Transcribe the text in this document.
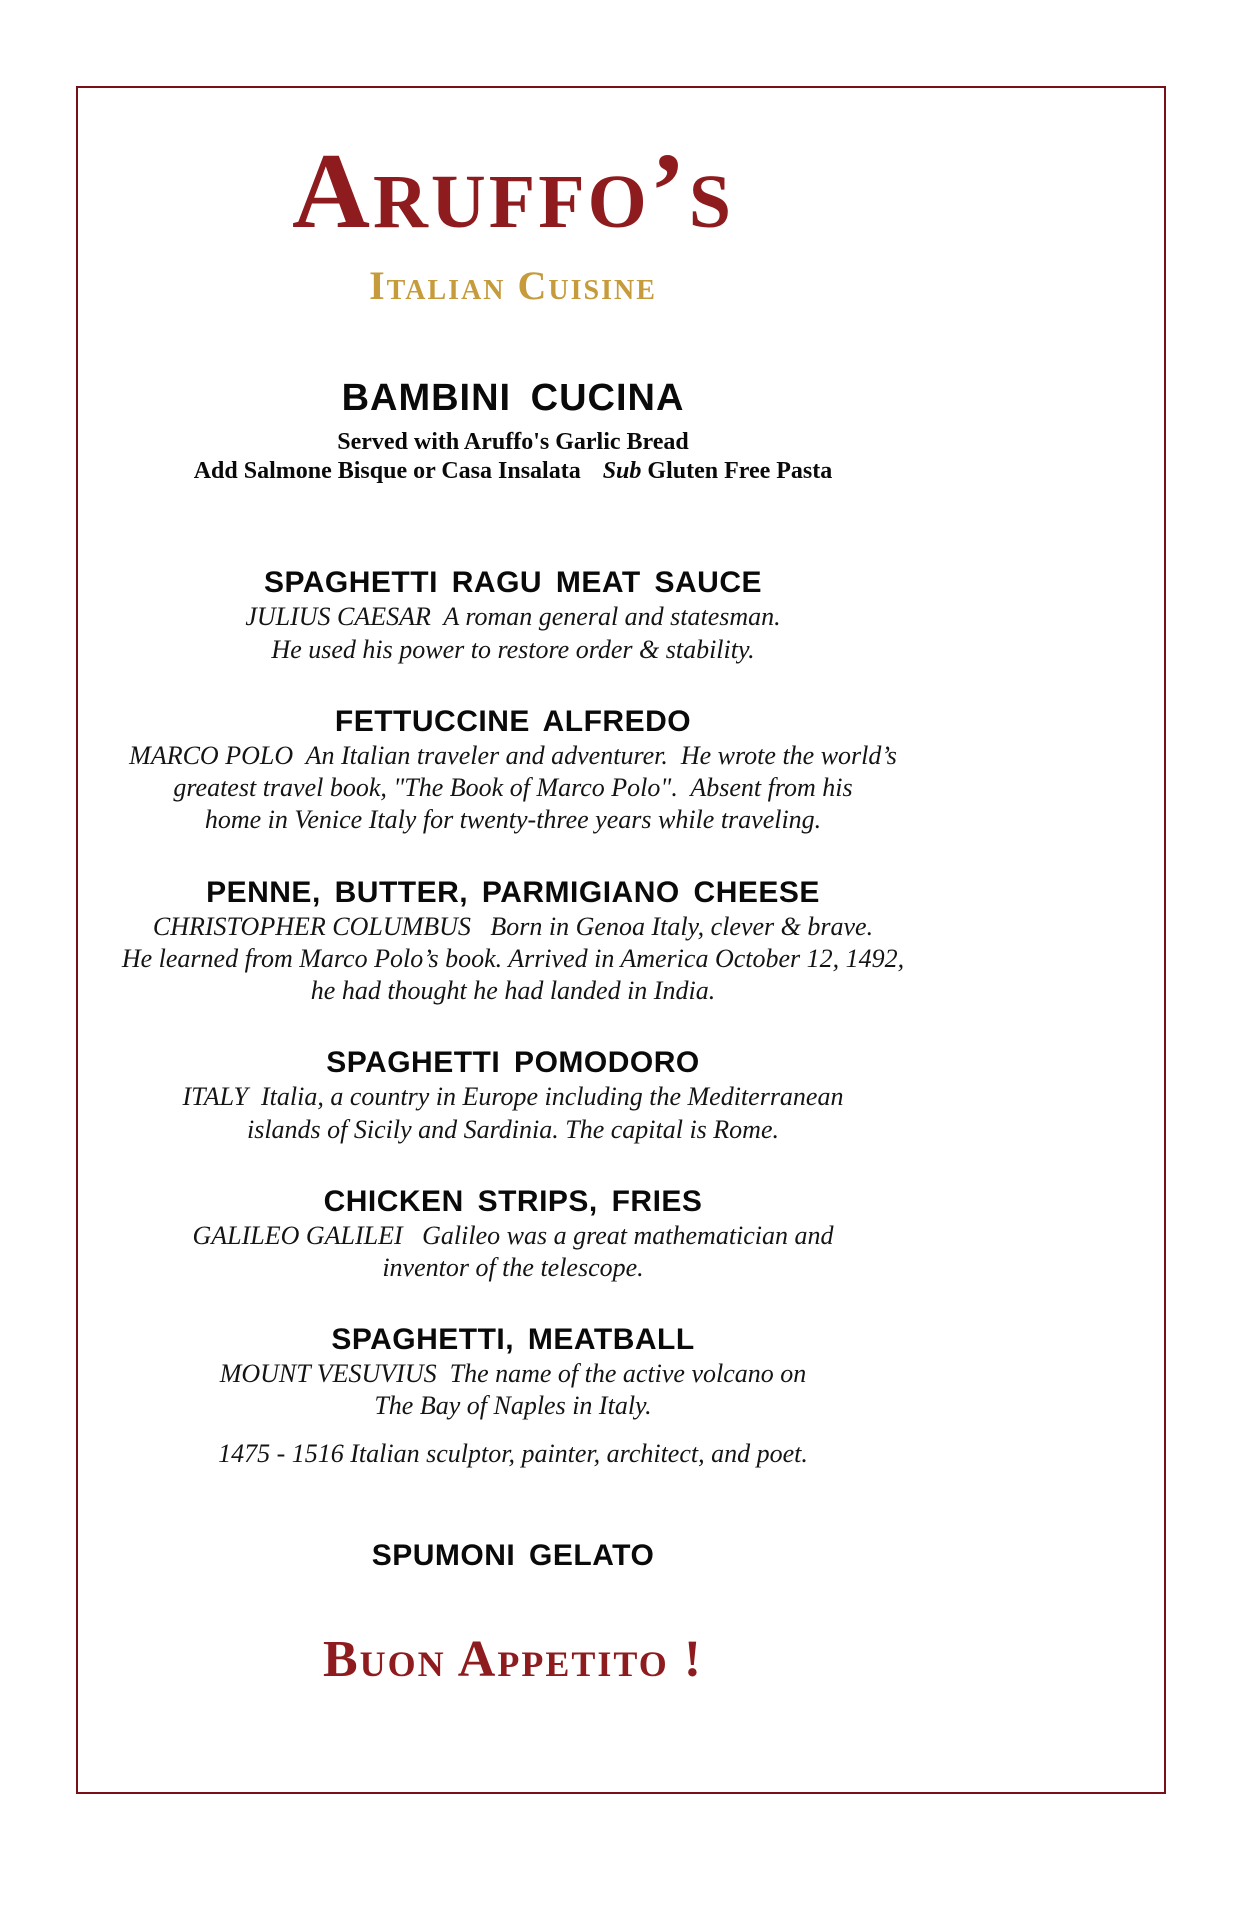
Aruffo’s
Italian Cuisine
BAMBINI CUCINA
Served with Aruffo's Garlic Bread
Add Salmone Bisque or Casa Insalata Sub Gluten Free Pasta
SPAGHETTI RAGU MEAT SAUCE
JULIUS CAESAR  A roman general and statesman.
He used his power to restore order & stability.
FETTUCCINE ALFREDO
MARCO POLO  An Italian traveler and adventurer.  He wrote the world’s
greatest travel book, "The Book of Marco Polo".  Absent from his
home in Venice Italy for twenty-three years while traveling.
PENNE, BUTTER, PARMIGIANO CHEESE
CHRISTOPHER COLUMBUS   Born in Genoa Italy, clever & brave.
He learned from Marco Polo’s book. Arrived in America October 12, 1492,
he had thought he had landed in India.
SPAGHETTI POMODORO
ITALY  Italia, a country in Europe including the Mediterranean
islands of Sicily and Sardinia. The capital is Rome.
CHICKEN STRIPS, FRIES
GALILEO GALILEI   Galileo was a great mathematician and
inventor of the telescope.
SPAGHETTI, MEATBALL
MOUNT VESUVIUS  The name of the active volcano on
The Bay of Naples in Italy.
1475 - 1516 Italian sculptor, painter, architect, and poet.
SPUMONI GELATO
Buon Appetito !
